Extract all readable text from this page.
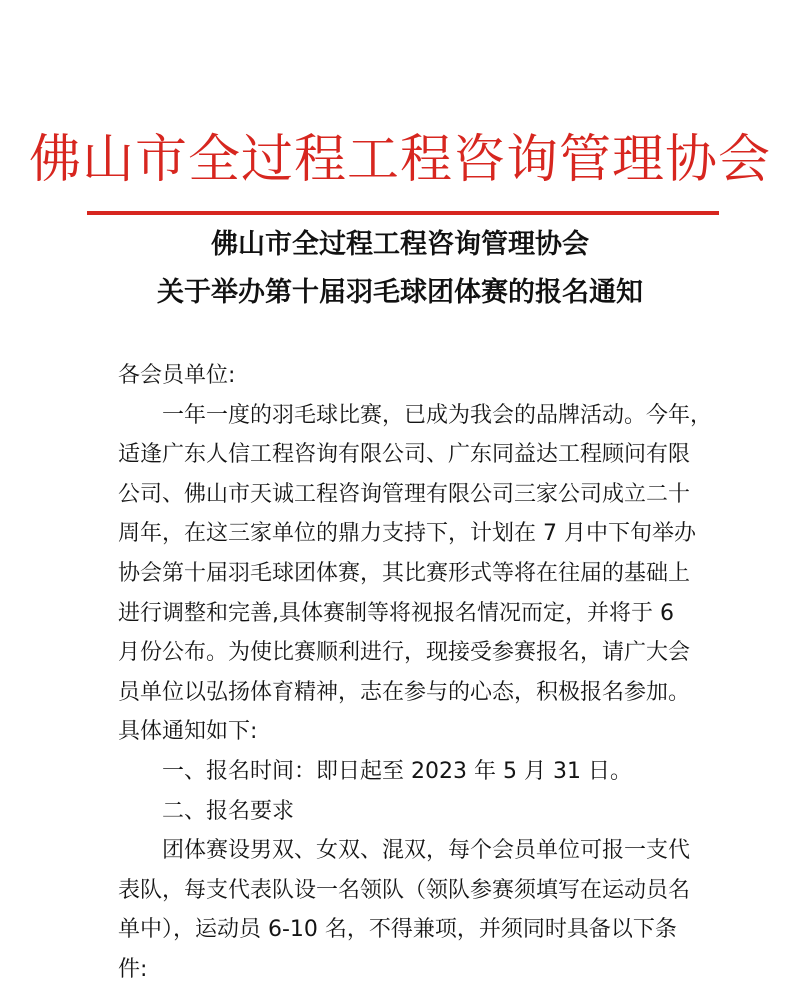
佛山市全过程工程咨询管理协会
佛山市全过程工程咨询管理协会
关于举办第十届羽毛球团体赛的报名通知

各会员单位:

一年一度的羽毛球比赛，已成为我会的品牌活动。今年，

适逢广东人信工程咨询有限公司、广东同益达工程顾问有限

公司、佛山市天诚工程咨询管理有限公司三家公司成立二十

周年，在这三家单位的鼎力支持下，计划在 7 月中下旬举办

协会第十届羽毛球团体赛，其比赛形式等将在往届的基础上

进行调整和完善,具体赛制等将视报名情况而定，并将于 6

月份公布。为使比赛顺利进行，现接受参赛报名，请广大会

员单位以弘扬体育精神，志在参与的心态，积极报名参加。

具体通知如下:

一、报名时间：即日起至 2023 年 5 月 31 日。

二、报名要求

团体赛设男双、女双、混双，每个会员单位可报一支代

表队，每支代表队设一名领队（领队参赛须填写在运动员名

单中），运动员 6-10 名，不得兼项，并须同时具备以下条

件:
